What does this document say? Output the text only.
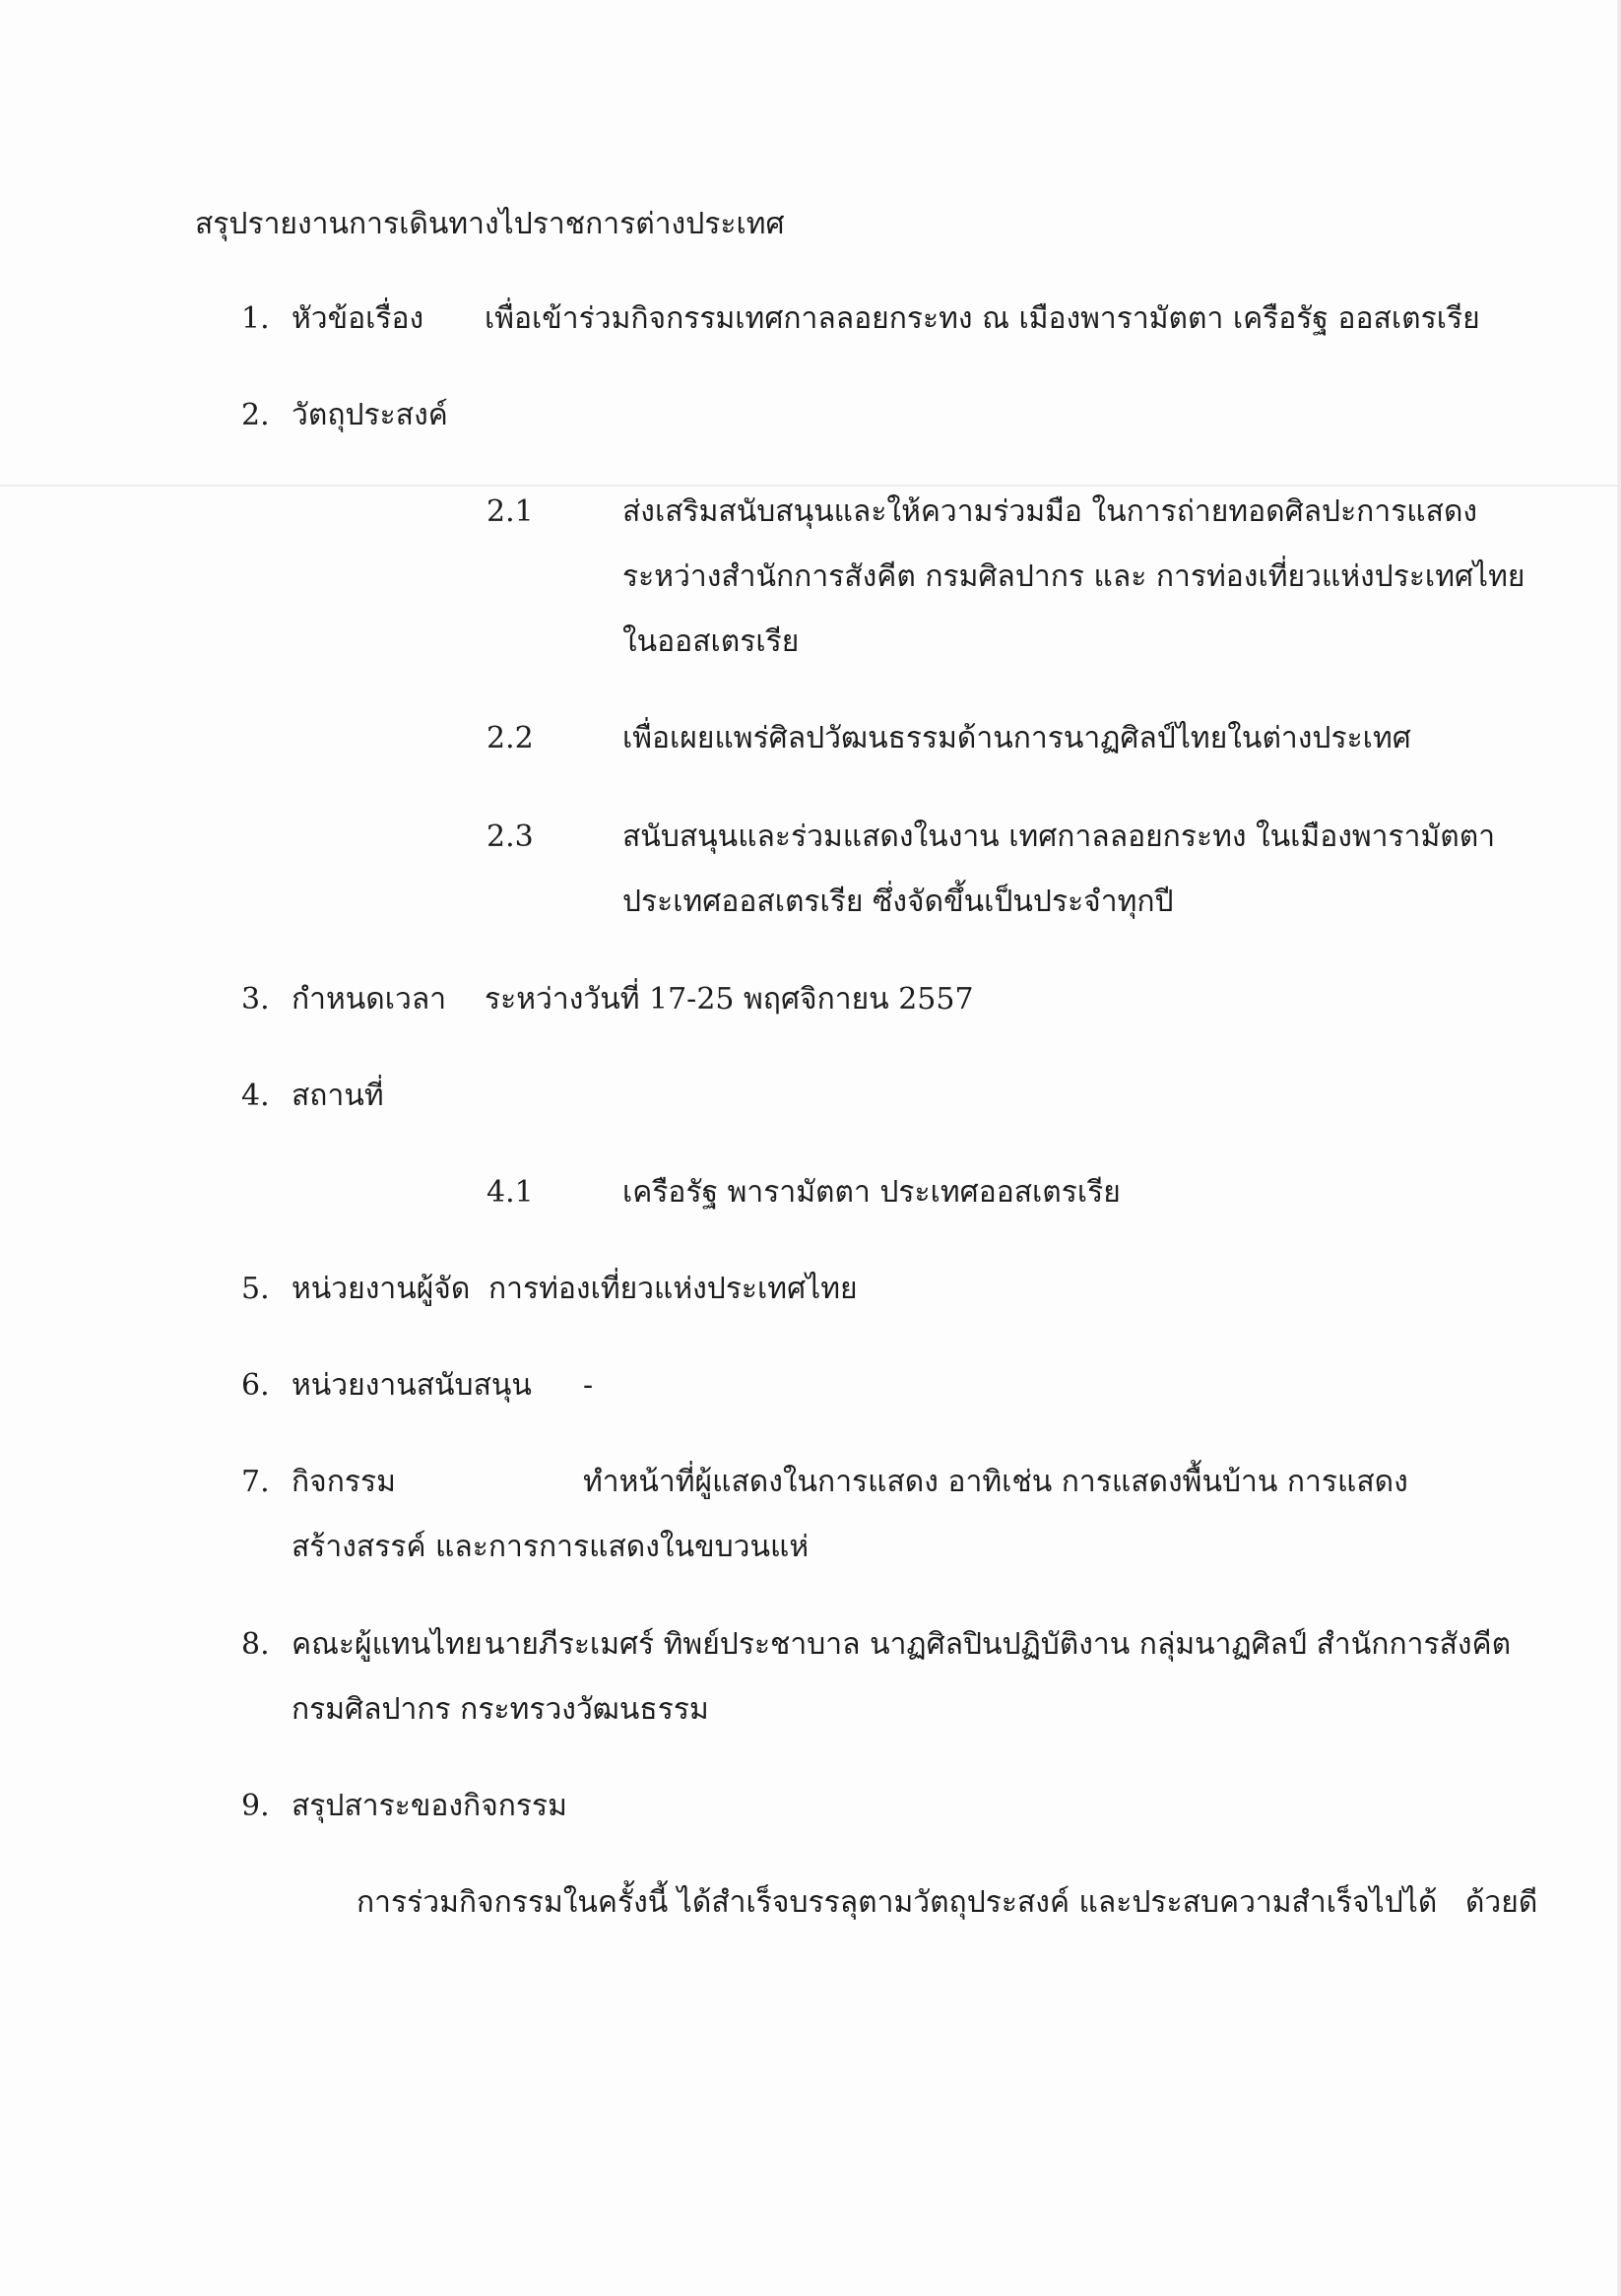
สรุปรายงานการเดินทางไปราชการต่างประเทศ
1. หัวข้อเรื่อง เพื่อเข้าร่วมกิจกรรมเทศกาลลอยกระทง ณ เมืองพารามัตตา เครือรัฐ ออสเตรเรีย
2. วัตถุประสงค์
2.1	ส่งเสริมสนับสนุนและให้ความร่วมมือ ในการถ่ายทอดศิลปะการแสดง
ระหว่างสำนักการสังคีต กรมศิลปากร และ การท่องเที่ยวแห่งประเทศไทย
ในออสเตรเรีย
2.2	เพื่อเผยแพร่ศิลปวัฒนธรรมด้านการนาฏศิลป์ไทยในต่างประเทศ
2.3	สนับสนุนและร่วมแสดงในงาน เทศกาลลอยกระทง ในเมืองพารามัตตา
ประเทศออสเตรเรีย ซึ่งจัดขึ้นเป็นประจำทุกปี
3. กำหนดเวลา ระหว่างวันที่ 17-25 พฤศจิกายน 2557
4. สถานที่
4.1	เครือรัฐ พารามัตตา ประเทศออสเตรเรีย
5. หน่วยงานผู้จัด การท่องเที่ยวแห่งประเทศไทย
6. หน่วยงานสนับสนุน -
7. กิจกรรม	ทำหน้าที่ผู้แสดงในการแสดง อาทิเช่น การแสดงพื้นบ้าน การแสดง
สร้างสรรค์ และการการแสดงในขบวนแห่
8. คณะผู้แทนไทย นายภีระเมศร์ ทิพย์ประชาบาล นาฏศิลปินปฏิบัติงาน กลุ่มนาฏศิลป์ สำนักการสังคีต
กรมศิลปากร กระทรวงวัฒนธรรม
9. สรุปสาระของกิจกรรม
การร่วมกิจกรรมในครั้งนี้ ได้สำเร็จบรรลุตามวัตถุประสงค์ และประสบความสำเร็จไปได้   ด้วยดี
